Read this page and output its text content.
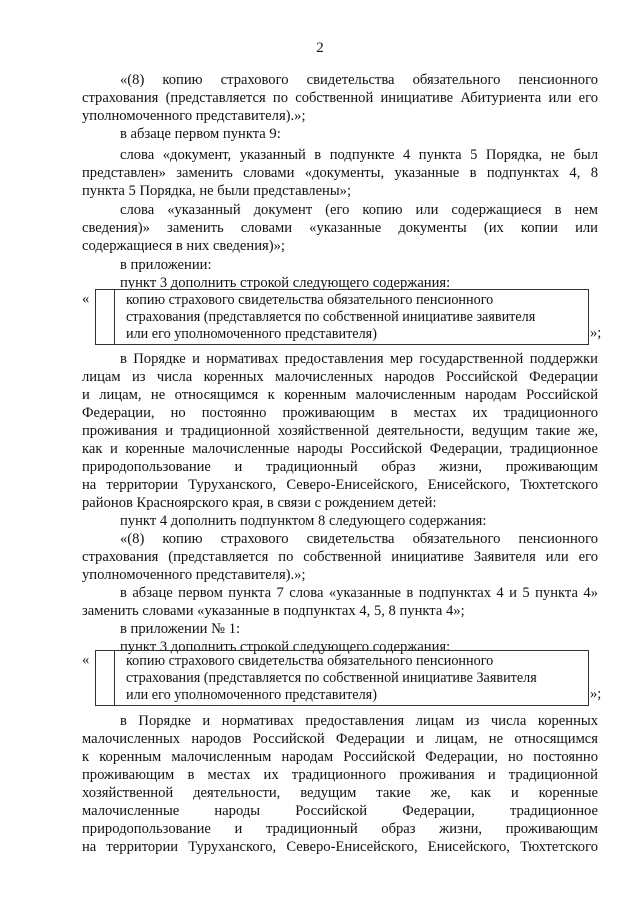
2
«(8) копию страхового свидетельства обязательного пенсионного
страхования (представляется по собственной инициативе Абитуриента или его
уполномоченного представителя).»;
в абзаце первом пункта 9:
слова «документ, указанный в подпункте 4 пункта 5 Порядка, не был
представлен» заменить словами «документы, указанные в подпунктах 4, 8
пункта 5 Порядка, не были представлены»;
слова «указанный документ (его копию или содержащиеся в нем
сведения)» заменить словами «указанные документы (их копии или
содержащиеся в них сведения)»;
в приложении:
пункт 3 дополнить строкой следующего содержания:
«	копию страхового свидетельства обязательного пенсионного
страхования (представляется по собственной инициативе заявителя
или его уполномоченного представителя)	»;
в Порядке и нормативах предоставления мер государственной поддержки
лицам из числа коренных малочисленных народов Российской Федерации
и лицам, не относящимся к коренным малочисленным народам Российской
Федерации, но постоянно проживающим в местах их традиционного
проживания и традиционной хозяйственной деятельности, ведущим такие же,
как и коренные малочисленные народы Российской Федерации, традиционное
природопользование и традиционный образ жизни, проживающим
на территории Туруханского, Северо-Енисейского, Енисейского, Тюхтетского
районов Красноярского края, в связи с рождением детей:
пункт 4 дополнить подпунктом 8 следующего содержания:
«(8) копию страхового свидетельства обязательного пенсионного
страхования (представляется по собственной инициативе Заявителя или его
уполномоченного представителя).»;
в абзаце первом пункта 7 слова «указанные в подпунктах 4 и 5 пункта 4»
заменить словами «указанные в подпунктах 4, 5, 8 пункта 4»;
в приложении № 1:
пункт 3 дополнить строкой следующего содержания:
«	копию страхового свидетельства обязательного пенсионного
страхования (представляется по собственной инициативе Заявителя
или его уполномоченного представителя)	»;
в Порядке и нормативах предоставления лицам из числа коренных
малочисленных народов Российской Федерации и лицам, не относящимся
к коренным малочисленным народам Российской Федерации, но постоянно
проживающим в местах их традиционного проживания и традиционной
хозяйственной деятельности, ведущим такие же, как и коренные
малочисленные народы Российской Федерации, традиционное
природопользование и традиционный образ жизни, проживающим
на территории Туруханского, Северо-Енисейского, Енисейского, Тюхтетского
